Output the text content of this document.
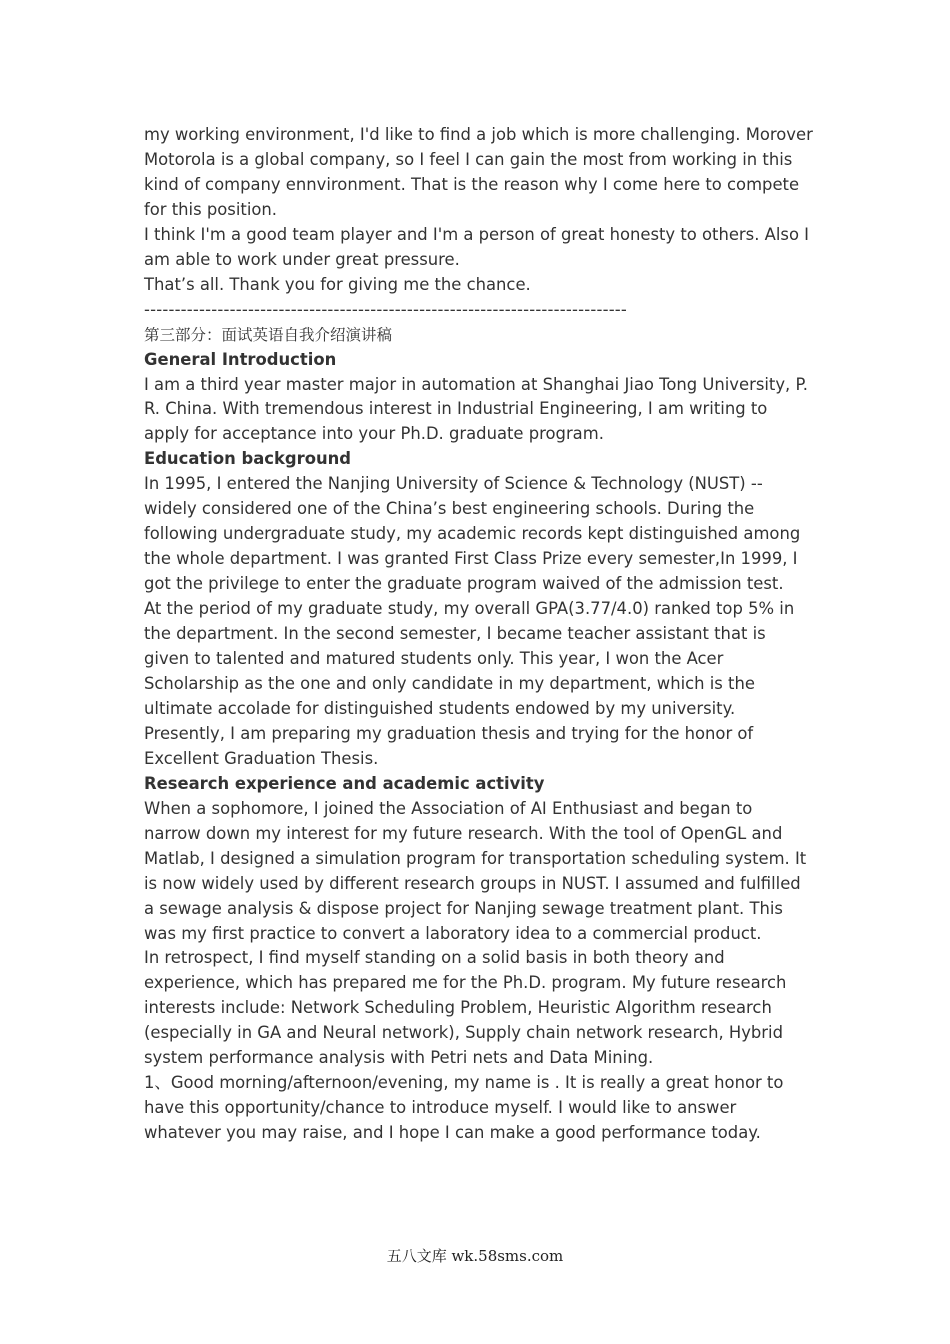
my working environment, I'd like to find a job which is more challenging. Morover Motorola is a global company, so I feel I can gain the most from working in this kind of company ennvironment. That is the reason why I come here to compete for this position.

I think I'm a good team player and I'm a person of great honesty to others. Also I am able to work under great pressure.

That’s all. Thank you for giving me the chance.

-------------------------------------------------------------------------------

第三部分：面试英语自我介绍演讲稿

General Introduction

I am a third year master major in automation at Shanghai Jiao Tong University, P. R. China. With tremendous interest in Industrial Engineering, I am writing to apply for acceptance into your Ph.D. graduate program.

Education background

In 1995, I entered the Nanjing University of Science & Technology (NUST) -- widely considered one of the China’s best engineering schools. During the following undergraduate study, my academic records kept distinguished among the whole department. I was granted First Class Prize every semester,In 1999, I got the privilege to enter the graduate program waived of the admission test.

At the period of my graduate study, my overall GPA(3.77/4.0) ranked top 5% in the department. In the second semester, I became teacher assistant that is given to talented and matured students only. This year, I won the Acer Scholarship as the one and only candidate in my department, which is the ultimate accolade for distinguished students endowed by my university. Presently, I am preparing my graduation thesis and trying for the honor of Excellent Graduation Thesis.

Research experience and academic activity

When a sophomore, I joined the Association of AI Enthusiast and began to narrow down my interest for my future research. With the tool of OpenGL and Matlab, I designed a simulation program for transportation scheduling system. It is now widely used by different research groups in NUST. I assumed and fulfilled a sewage analysis & dispose project for Nanjing sewage treatment plant. This was my first practice to convert a laboratory idea to a commercial product.

In retrospect, I find myself standing on a solid basis in both theory and experience, which has prepared me for the Ph.D. program. My future research interests include: Network Scheduling Problem, Heuristic Algorithm research (especially in GA and Neural network), Supply chain network research, Hybrid system performance analysis with Petri nets and Data Mining.

1、Good morning/afternoon/evening, my name is . It is really a great honor to have this opportunity/chance to introduce myself. I would like to answer whatever you may raise, and I hope I can make a good performance today.

五八文库 wk.58sms.com
